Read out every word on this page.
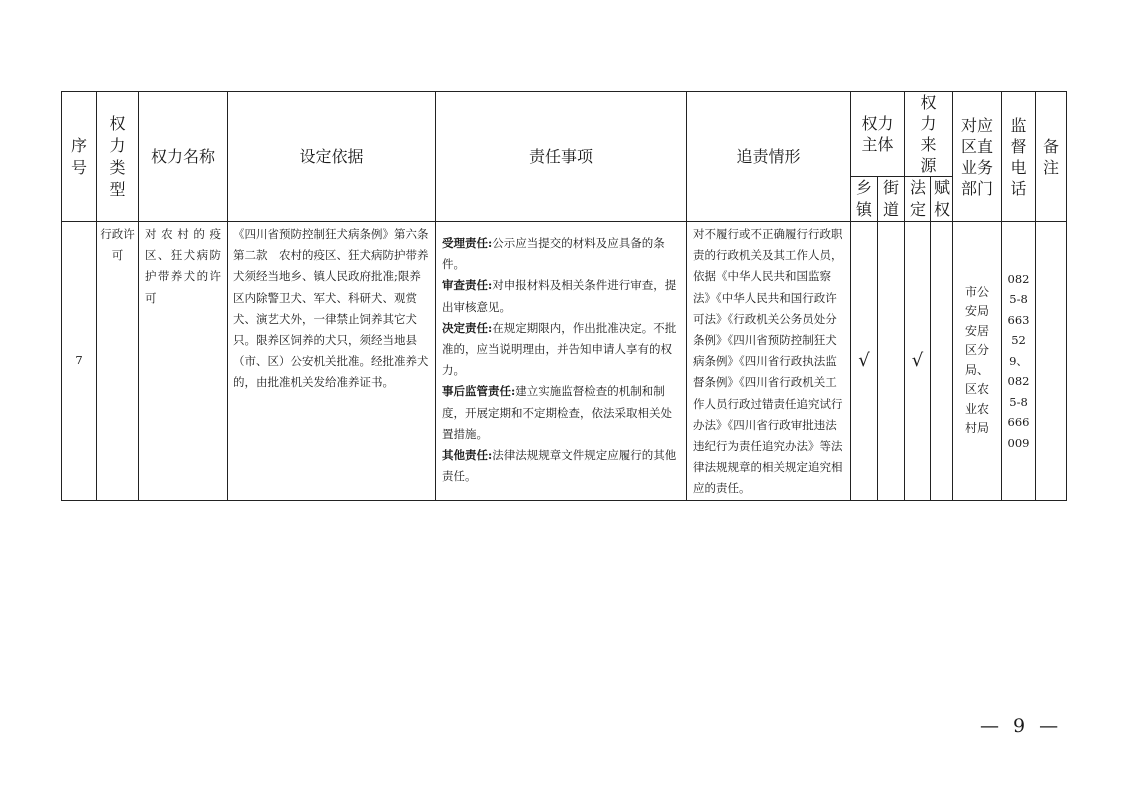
序号	权力类型	权力名称	设定依据	责任事项	追责情形	权力主体		权力来源		对应区直业务部门	监督电话	备注
						乡镇	街道	法定	赋权			
7	行政许可	对农村的疫区、狂犬病防护带养犬的许可	《四川省预防控制狂犬病条例》第六条第二款　农村的疫区、狂犬病防护带养犬须经当地乡、镇人民政府批准;限养区内除警卫犬、军犬、科研犬、观赏犬、演艺犬外，一律禁止饲养其它犬只。限养区饲养的犬只，须经当地县（市、区）公安机关批准。经批准养犬的，由批准机关发给准养证书。	受理责任:公示应当提交的材料及应具备的条件。
审查责任:对申报材料及相关条件进行审查，提出审核意见。
决定责任:在规定期限内，作出批准决定。不批准的，应当说明理由，并告知申请人享有的权力。
事后监管责任:建立实施监督检查的机制和制度，开展定期和不定期检查，依法采取相关处置措施。
其他责任:法律法规规章文件规定应履行的其他责任。	对不履行或不正确履行行政职责的行政机关及其工作人员，依据《中华人民共和国监察法》《中华人民共和国行政许可法》《行政机关公务员处分条例》《四川省预防控制狂犬病条例》《四川省行政执法监督条例》《四川省行政机关工作人员行政过错责任追究试行办法》《四川省行政审批违法违纪行为责任追究办法》等法律法规规章的相关规定追究相应的责任。	√		√		市公安局安居区分局、区农业农村局	0825-8663529、0825-8666009	
— 9 —
